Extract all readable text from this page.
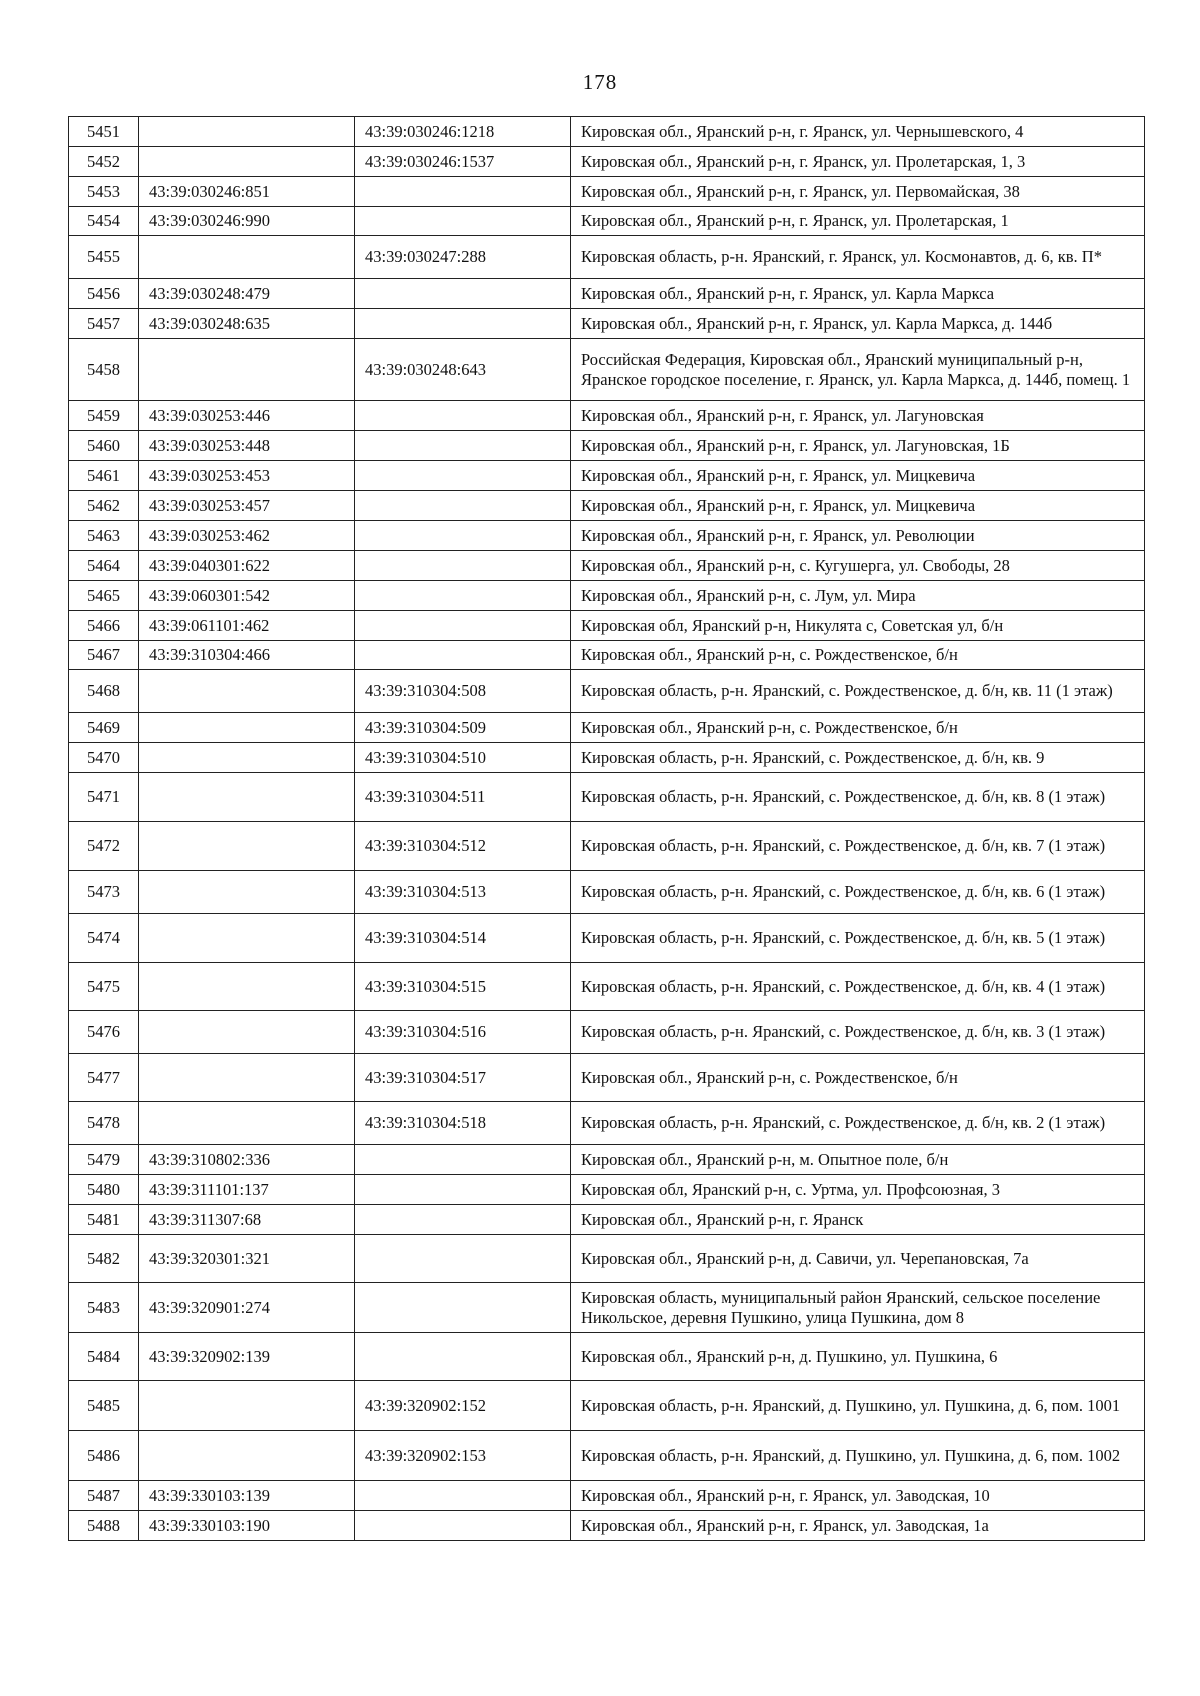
178
5451		43:39:030246:1218	Кировская обл., Яранский р-н, г. Яранск, ул. Чернышевского, 4
5452		43:39:030246:1537	Кировская обл., Яранский р-н, г. Яранск, ул. Пролетарская, 1, 3
5453	43:39:030246:851		Кировская обл., Яранский р-н, г. Яранск, ул. Первомайская, 38
5454	43:39:030246:990		Кировская обл., Яранский р-н, г. Яранск, ул. Пролетарская, 1
5455		43:39:030247:288	Кировская область, р-н. Яранский, г. Яранск, ул. Космонавтов, д. 6, кв. П*
5456	43:39:030248:479		Кировская обл., Яранский р-н, г. Яранск, ул. Карла Маркса
5457	43:39:030248:635		Кировская обл., Яранский р-н, г. Яранск, ул. Карла Маркса, д. 144б
5458		43:39:030248:643	Российская Федерация, Кировская обл., Яранский муниципальный р-н, Яранское городское поселение, г. Яранск, ул. Карла Маркса, д. 144б, помещ. 1
5459	43:39:030253:446		Кировская обл., Яранский р-н, г. Яранск, ул. Лагуновская
5460	43:39:030253:448		Кировская обл., Яранский р-н, г. Яранск, ул. Лагуновская, 1Б
5461	43:39:030253:453		Кировская обл., Яранский р-н, г. Яранск, ул. Мицкевича
5462	43:39:030253:457		Кировская обл., Яранский р-н, г. Яранск, ул. Мицкевича
5463	43:39:030253:462		Кировская обл., Яранский р-н, г. Яранск, ул. Революции
5464	43:39:040301:622		Кировская обл., Яранский р-н, с. Кугушерга, ул. Свободы, 28
5465	43:39:060301:542		Кировская обл., Яранский р-н, с. Лум, ул. Мира
5466	43:39:061101:462		Кировская обл, Яранский р-н, Никулята с, Советская ул, б/н
5467	43:39:310304:466		Кировская обл., Яранский р-н, с. Рождественское, б/н
5468		43:39:310304:508	Кировская область, р-н. Яранский, с. Рождественское, д. б/н, кв. 11 (1 этаж)
5469		43:39:310304:509	Кировская обл., Яранский р-н, с. Рождественское, б/н
5470		43:39:310304:510	Кировская область, р-н. Яранский, с. Рождественское, д. б/н, кв. 9
5471		43:39:310304:511	Кировская область, р-н. Яранский, с. Рождественское, д. б/н, кв. 8 (1 этаж)
5472		43:39:310304:512	Кировская область, р-н. Яранский, с. Рождественское, д. б/н, кв. 7 (1 этаж)
5473		43:39:310304:513	Кировская область, р-н. Яранский, с. Рождественское, д. б/н, кв. 6 (1 этаж)
5474		43:39:310304:514	Кировская область, р-н. Яранский, с. Рождественское, д. б/н, кв. 5 (1 этаж)
5475		43:39:310304:515	Кировская область, р-н. Яранский, с. Рождественское, д. б/н, кв. 4 (1 этаж)
5476		43:39:310304:516	Кировская область, р-н. Яранский, с. Рождественское, д. б/н, кв. 3 (1 этаж)
5477		43:39:310304:517	Кировская обл., Яранский р-н, с. Рождественское, б/н
5478		43:39:310304:518	Кировская область, р-н. Яранский, с. Рождественское, д. б/н, кв. 2 (1 этаж)
5479	43:39:310802:336		Кировская обл., Яранский р-н, м. Опытное поле, б/н
5480	43:39:311101:137		Кировская обл, Яранский р-н, с. Уртма, ул. Профсоюзная, 3
5481	43:39:311307:68		Кировская обл., Яранский р-н, г. Яранск
5482	43:39:320301:321		Кировская обл., Яранский р-н, д. Савичи, ул. Черепановская, 7а
5483	43:39:320901:274		Кировская область, муниципальный район Яранский, сельское поселение Никольское, деревня Пушкино, улица Пушкина, дом 8
5484	43:39:320902:139		Кировская обл., Яранский р-н, д. Пушкино, ул. Пушкина, 6
5485		43:39:320902:152	Кировская область, р-н. Яранский, д. Пушкино, ул. Пушкина, д. 6, пом. 1001
5486		43:39:320902:153	Кировская область, р-н. Яранский, д. Пушкино, ул. Пушкина, д. 6, пом. 1002
5487	43:39:330103:139		Кировская обл., Яранский р-н, г. Яранск, ул. Заводская, 10
5488	43:39:330103:190		Кировская обл., Яранский р-н, г. Яранск, ул. Заводская, 1а
